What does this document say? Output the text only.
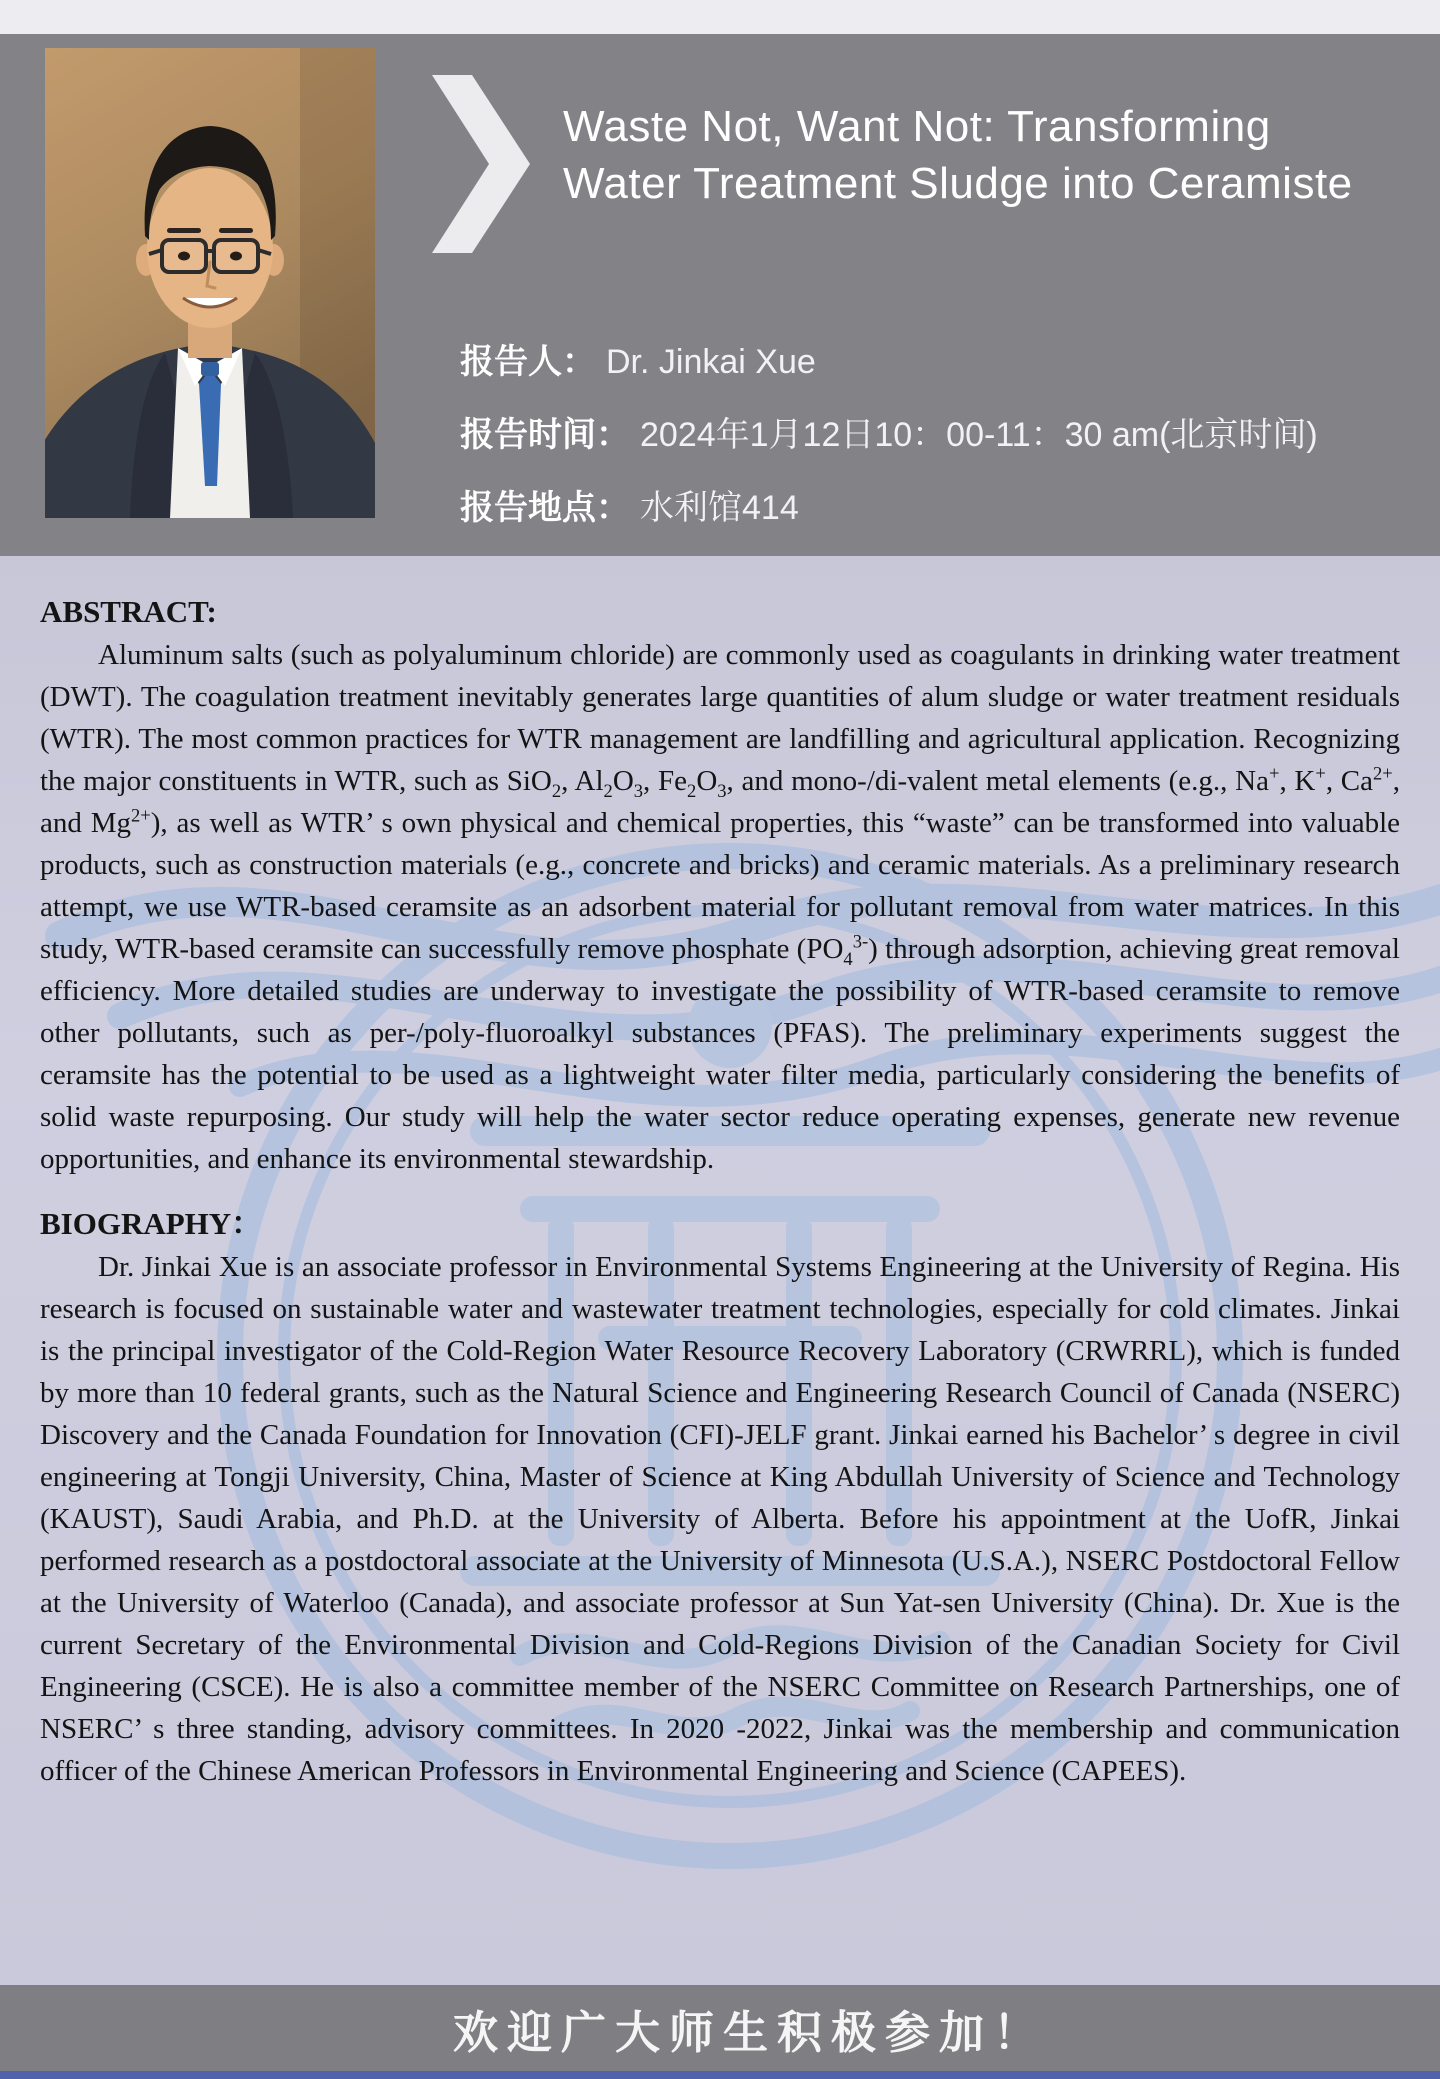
Waste Not, Want Not: Transforming
Water Treatment Sludge into Ceramiste
报告人： Dr. Jinkai Xue
报告时间： 2024年1月12日10：00-11：30 am(北京时间)
报告地点： 水利馆414
ABSTRACT:

Aluminum salts (such as polyaluminum chloride) are commonly used as coagulants in drinking water treatment (DWT). The coagulation treatment inevitably generates large quantities of alum sludge or water treatment residuals (WTR). The most common practices for WTR management are landfilling and agricultural application. Recognizing the major constituents in WTR, such as SiO$_2$, $Al_2O_3$, $Fe_2O_3$, and mono-/di-valent metal elements (e.g., Na+, K+, $Ca^{2+}$, and $Mg^{2+}$), as well as WTR’ s own physical and chemical properties, this “waste” can be transformed into valuable products, such as construction materials (e.g., concrete and bricks) and ceramic materials. As a preliminary research attempt, we use WTR-based ceramsite as an adsorbent material for pollutant removal from water matrices. In this study, WTR-based ceramsite can successfully remove phosphate $(PO_4^{3-})$ through adsorption, achieving great removal efficiency. More detailed studies are underway to investigate the possibility of WTR-based ceramsite to remove other pollutants, such as per-/poly-fluoroalkyl substances (PFAS). The preliminary experiments suggest the ceramsite has the potential to be used as a lightweight water filter media, particularly considering the benefits of solid waste repurposing. Our study will help the water sector reduce operating expenses, generate new revenue opportunities, and enhance its environmental stewardship.

BIOGRAPHY：

Dr. Jinkai Xue is an associate professor in Environmental Systems Engineering at the University of Regina. His research is focused on sustainable water and wastewater treatment technologies, especially for cold climates. Jinkai is the principal investigator of the Cold-Region Water Resource Recovery Laboratory (CRWRRL), which is funded by more than 10 federal grants, such as the Natural Science and Engineering Research Council of Canada (NSERC) Discovery and the Canada Foundation for Innovation (CFI)-JELF grant. Jinkai earned his Bachelor’ s degree in civil engineering at Tongji University, China, Master of Science at King Abdullah University of Science and Technology (KAUST), Saudi Arabia, and Ph.D. at the University of Alberta. Before his appointment at the UofR, Jinkai performed research as a postdoctoral associate at the University of Minnesota (U.S.A.), NSERC Postdoctoral Fellow at the University of Waterloo (Canada), and associate professor at Sun Yat-sen University (China). Dr. Xue is the current Secretary of the Environmental Division and Cold-Regions Division of the Canadian Society for Civil Engineering (CSCE). He is also a committee member of the NSERC Committee on Research Partnerships, one of NSERC’ s three standing, advisory committees. In 2020 -2022, Jinkai was the membership and communication officer of the Chinese American Professors in Environmental Engineering and Science (CAPEES).

欢迎广大师生积极参加！
